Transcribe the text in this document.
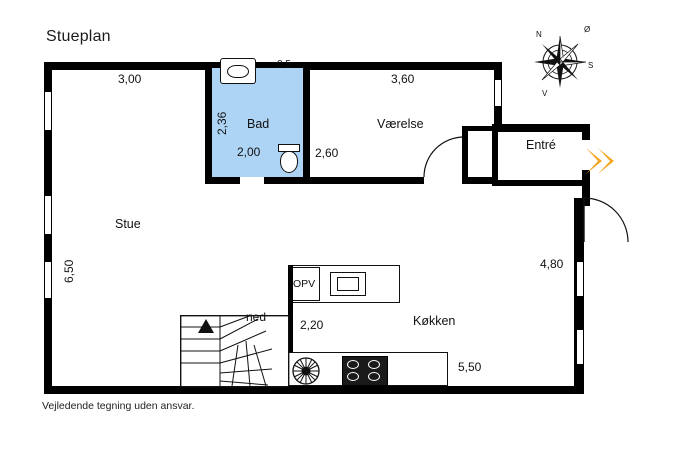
Stueplan
Vejledende tegning uden ansvar.
OPV
ned
Stue
Bad	Værelse
Entré
Køkken
3,00
6,50
2,36
2,00
0,5
3,60
2,60
4,80
2,20
5,50
N
S
Ø
V
